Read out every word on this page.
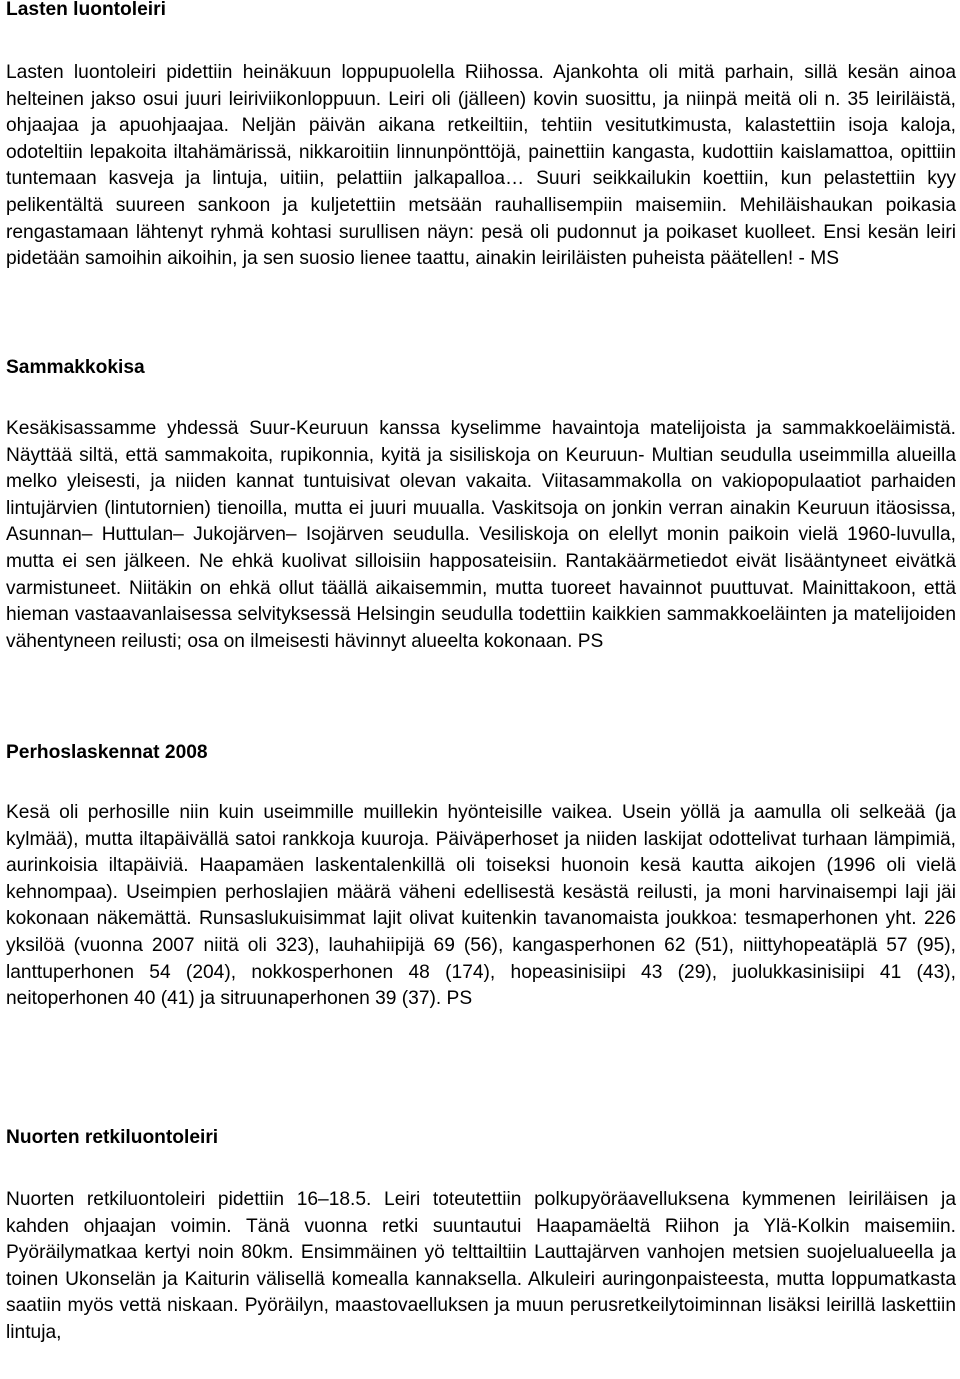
Lasten luontoleiri

Lasten luontoleiri pidettiin heinäkuun loppupuolella Riihossa. Ajankohta oli mitä parhain, sillä kesän ainoa helteinen jakso osui juuri leiriviikonloppuun. Leiri oli (jälleen) kovin suosittu, ja niinpä meitä oli n. 35 leiriläistä, ohjaajaa ja apuohjaajaa. Neljän päivän aikana retkeiltiin, tehtiin vesitutkimusta, kalastettiin isoja kaloja, odoteltiin lepakoita iltahämärissä, nikkaroitiin linnunpönttöjä, painettiin kangasta, kudottiin kaislamattoa, opittiin tuntemaan kasveja ja lintuja, uitiin, pelattiin jalkapalloa… Suuri seikkailukin koettiin, kun pelastettiin kyy pelikentältä suureen sankoon ja kuljetettiin metsään rauhallisempiin maisemiin. Mehiläishaukan poikasia rengastamaan lähtenyt ryhmä kohtasi surullisen näyn: pesä oli pudonnut ja poikaset kuolleet. Ensi kesän leiri pidetään samoihin aikoihin, ja sen suosio lienee taattu, ainakin leiriläisten puheista päätellen! - MS

Sammakkokisa

Kesäkisassamme yhdessä Suur-Keuruun kanssa kyselimme havaintoja matelijoista ja sammakkoeläimistä. Näyttää siltä, että sammakoita, rupikonnia, kyitä ja sisiliskoja on Keuruun- Multian seudulla useimmilla alueilla melko yleisesti, ja niiden kannat tuntuisivat olevan vakaita. Viitasammakolla on vakiopopulaatiot parhaiden lintujärvien (lintutornien) tienoilla, mutta ei juuri muualla. Vaskitsoja on jonkin verran ainakin Keuruun itäosissa, Asunnan– Huttulan– Jukojärven– Isojärven seudulla. Vesiliskoja on elellyt monin paikoin vielä 1960-luvulla, mutta ei sen jälkeen. Ne ehkä kuolivat silloisiin happosateisiin. Rantakäärmetiedot eivät lisääntyneet eivätkä varmistuneet. Niitäkin on ehkä ollut täällä aikaisemmin, mutta tuoreet havainnot puuttuvat. Mainittakoon, että hieman vastaavanlaisessa selvityksessä Helsingin seudulla todettiin kaikkien sammakkoeläinten ja matelijoiden vähentyneen reilusti; osa on ilmeisesti hävinnyt alueelta kokonaan. PS

Perhoslaskennat 2008

Kesä oli perhosille niin kuin useimmille muillekin hyönteisille vaikea. Usein yöllä ja aamulla oli selkeää (ja kylmää), mutta iltapäivällä satoi rankkoja kuuroja. Päiväperhoset ja niiden laskijat odottelivat turhaan lämpimiä, aurinkoisia iltapäiviä. Haapamäen laskentalenkillä oli toiseksi huonoin kesä kautta aikojen (1996 oli vielä kehnompaa). Useimpien perhoslajien määrä väheni edellisestä kesästä reilusti, ja moni harvinaisempi laji jäi kokonaan näkemättä. Runsaslukuisimmat lajit olivat kuitenkin tavanomaista joukkoa: tesmaperhonen yht. 226 yksilöä (vuonna 2007 niitä oli 323), lauhahiipijä 69 (56), kangasperhonen 62 (51), niittyhopeatäplä 57 (95), lanttuperhonen 54 (204), nokkosperhonen 48 (174), hopeasinisiipi 43 (29), juolukkasinisiipi 41 (43), neitoperhonen 40 (41) ja sitruunaperhonen 39 (37). PS

Nuorten retkiluontoleiri

Nuorten retkiluontoleiri pidettiin 16–18.5. Leiri toteutettiin polkupyöräavelluksena kymmenen leiriläisen ja kahden ohjaajan voimin. Tänä vuonna retki suuntautui Haapamäeltä Riihon ja Ylä-Kolkin maisemiin. Pyöräilymatkaa kertyi noin 80km. Ensimmäinen yö telttailtiin Lauttajärven vanhojen metsien suojelualueella ja toinen Ukonselän ja Kaiturin välisellä komealla kannaksella. Alkuleiri auringonpaisteesta, mutta loppumatkasta saatiin myös vettä niskaan. Pyöräilyn, maastovaelluksen ja muun perusretkeilytoiminnan lisäksi leirillä laskettiin lintuja,
